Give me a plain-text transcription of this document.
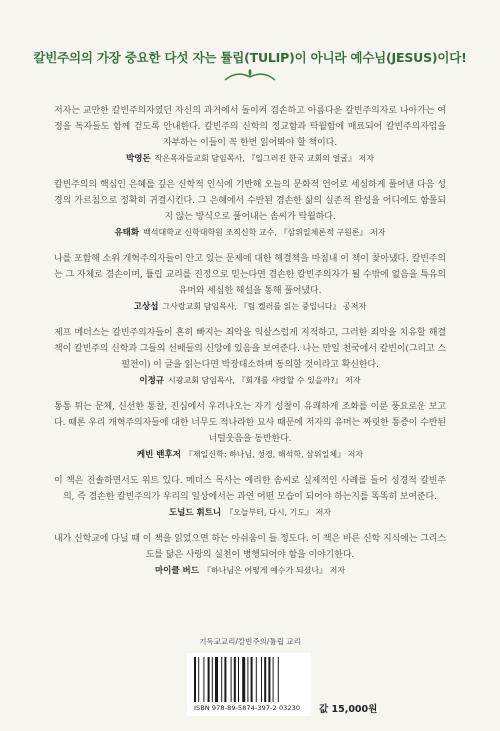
칼빈주의의 가장 중요한 다섯 자는 튤립(TULIP)이 아니라 예수님(JESUS)이다!
저자는 교만한 칼빈주의자였던 자신의 과거에서 돌이켜 겸손하고 아름다운 칼빈주의자로 나아가는 여정을 독자들도 함께 걷도록 안내한다. 칼빈주의 신학의 정교함과 탁월함에 매료되어 칼빈주의자임을 자부하는 이들이 꼭 한번 읽어봐야 할 책이다.
박영돈 작은목자들교회 담임목사, 『일그러진 한국 교회의 얼굴』 저자
칼빈주의의 핵심인 은혜를 깊은 신학적 인식에 기반해 오늘의 문화적 언어로 세심하게 풀어낸 다음 성경의 가르침으로 정확히 귀결시킨다. 그 은혜에서 수반된 겸손한 삶의 실존적 완성을 어디에도 함몰되지 않는 방식으로 풀어내는 솜씨가 탁월하다.
유태화 백석대학교 신학대학원 조직신학 교수, 『삼위일체론적 구원론』 저자
나를 포함해 소위 개혁주의자들이 안고 있는 문제에 대한 해결책을 마침내 이 책이 찾아냈다. 칼빈주의는 그 자체로 겸손이며, 튤립 교리를 진정으로 믿는다면 겸손한 칼빈주의자가 될 수밖에 없음을 특유의 유머와 세심한 해설을 통해 풀어냈다.
고상섭 그사랑교회 담임목사, 『팀 켈러를 읽는 중입니다』 공저자
제프 메더스는 칼빈주의자들이 흔히 빠지는 죄악을 익살스럽게 지적하고, 그러한 죄악을 치유할 해결책이 칼빈주의 신학과 그들의 선배들의 신앙에 있음을 보여준다. 나는 만일 천국에서 칼빈이(그리고 스펄전이) 이 글을 읽는다면 박장대소하며 동의할 것이라고 확신한다.
이정규 시광교회 담임목사, 『회개를 사랑할 수 있을까?』 저자
통통 튀는 문체, 신선한 통찰, 진심에서 우러나오는 자기 성찰이 유쾌하게 조화를 이룬 풍요로운 보고다. 때론 우리 개혁주의자들에 대한 너무도 적나라한 묘사 때문에 저자의 유머는 짜릿한 통증이 수반된 너털웃음을 동반한다.
케빈 밴후저 『제일신학: 하나님, 성경, 해석학, 삼위일체』 저자
이 책은 진솔하면서도 위트 있다. 메더스 목사는 예리한 솜씨로 실제적인 사례를 들어 성경적 칼빈주의, 즉 겸손한 칼빈주의가 우리의 일상에서는 과연 어떤 모습이 되어야 하는지를 똑똑히 보여준다.
도널드 휘트니 『오늘부터, 다시, 기도』 저자
내가 신학교에 다닐 때 이 책을 읽었으면 하는 아쉬움이 들 정도다. 이 책은 바른 신학 지식에는 그리스도를 닮은 사랑의 실천이 병행되어야 함을 이야기한다.
마이클 버드 『하나님은 어떻게 예수가 되셨나』 저자
기독교교리/칼빈주의/튤립 교리
ISBN 978-89-5874-397-2 03230	값 15,000원
